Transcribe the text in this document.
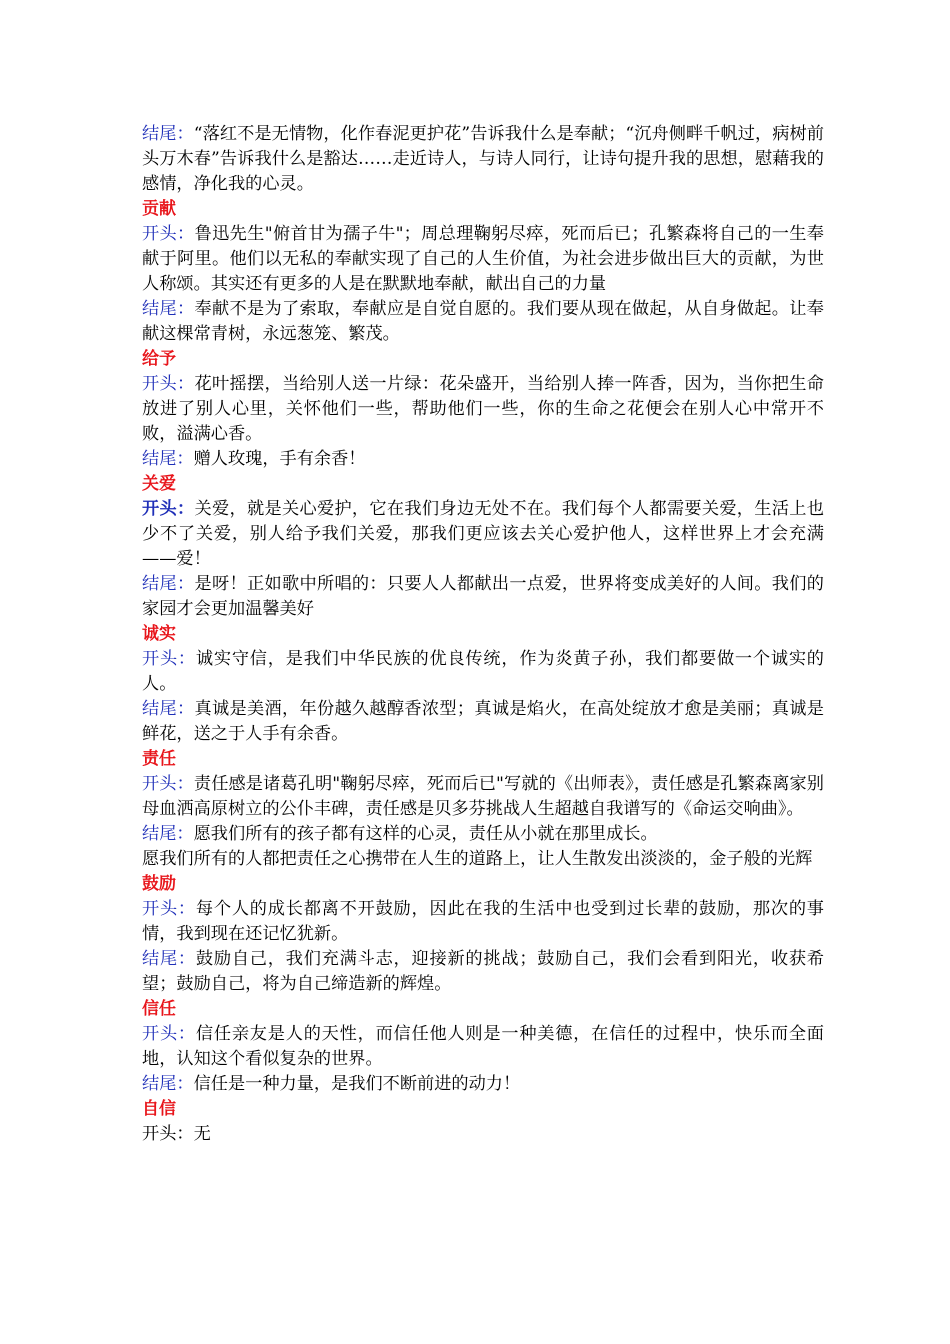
结尾：“落红不是无情物，化作春泥更护花”告诉我什么是奉献；“沉舟侧畔千帆过，病树前头万木春”告诉我什么是豁达……走近诗人，与诗人同行，让诗句提升我的思想，慰藉我的感情，净化我的心灵。

贡献

开头：鲁迅先生"俯首甘为孺子牛"；周总理鞠躬尽瘁，死而后已；孔繁森将自己的一生奉献于阿里。他们以无私的奉献实现了自己的人生价值，为社会进步做出巨大的贡献，为世人称颂。其实还有更多的人是在默默地奉献，献出自己的力量

结尾：奉献不是为了索取，奉献应是自觉自愿的。我们要从现在做起，从自身做起。让奉献这棵常青树，永远葱笼、繁茂。

给予

开头：花叶摇摆，当给别人送一片绿：花朵盛开，当给别人捧一阵香，因为，当你把生命放进了别人心里，关怀他们一些，帮助他们一些，你的生命之花便会在别人心中常开不败，溢满心香。

结尾：赠人玫瑰，手有余香！

关爱

开头：关爱，就是关心爱护，它在我们身边无处不在。我们每个人都需要关爱，生活上也少不了关爱，别人给予我们关爱，那我们更应该去关心爱护他人，这样世界上才会充满——爱！

结尾：是呀！正如歌中所唱的：只要人人都献出一点爱，世界将变成美好的人间。我们的家园才会更加温馨美好

诚实

开头：诚实守信，是我们中华民族的优良传统，作为炎黄子孙，我们都要做一个诚实的人。

结尾：真诚是美酒，年份越久越醇香浓型；真诚是焰火，在高处绽放才愈是美丽；真诚是鲜花，送之于人手有余香。

责任

开头：责任感是诸葛孔明"鞠躬尽瘁，死而后已"写就的《出师表》，责任感是孔繁森离家别母血洒高原树立的公仆丰碑，责任感是贝多芬挑战人生超越自我谱写的《命运交响曲》。

结尾：愿我们所有的孩子都有这样的心灵，责任从小就在那里成长。

愿我们所有的人都把责任之心携带在人生的道路上，让人生散发出淡淡的，金子般的光辉

鼓励

开头：每个人的成长都离不开鼓励，因此在我的生活中也受到过长辈的鼓励，那次的事情，我到现在还记忆犹新。

结尾：鼓励自己，我们充满斗志，迎接新的挑战；鼓励自己，我们会看到阳光，收获希望；鼓励自己，将为自己缔造新的辉煌。

信任

开头：信任亲友是人的天性，而信任他人则是一种美德，在信任的过程中，快乐而全面地，认知这个看似复杂的世界。

结尾：信任是一种力量，是我们不断前进的动力！

自信

开头：无
